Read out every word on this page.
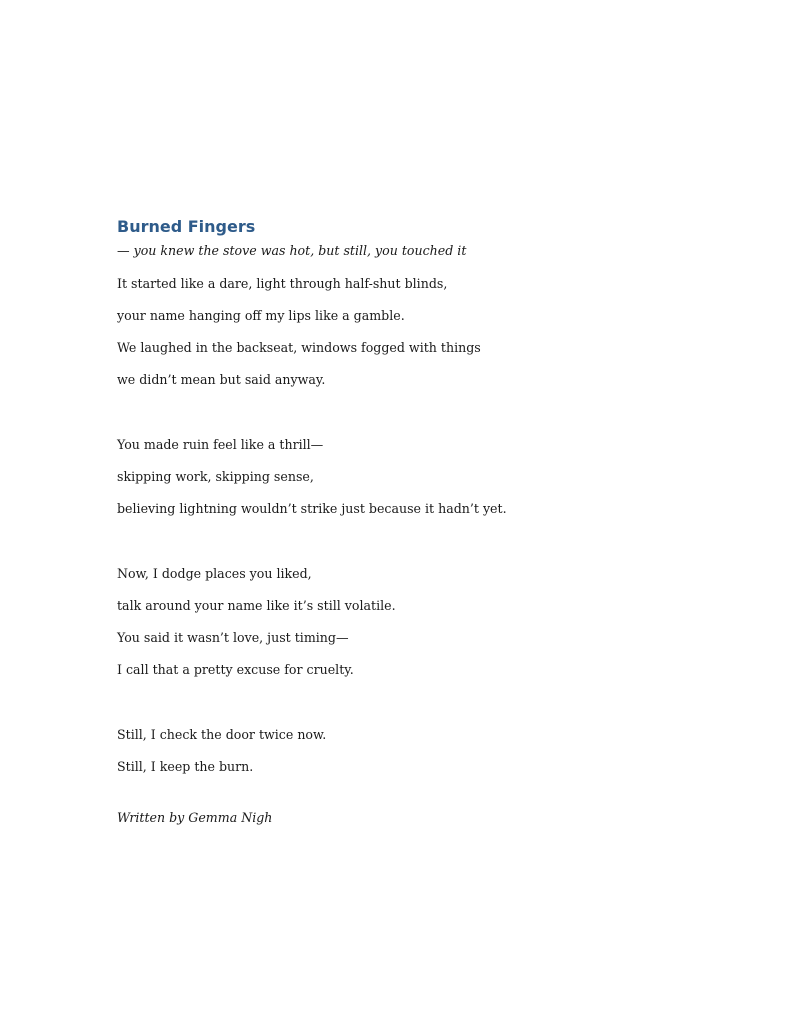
Burned Fingers

— you knew the stove was hot, but still, you touched it

It started like a dare, light through half-shut blinds,

your name hanging off my lips like a gamble.

We laughed in the backseat, windows fogged with things

we didn’t mean but said anyway.

You made ruin feel like a thrill—

skipping work, skipping sense,

believing lightning wouldn’t strike just because it hadn’t yet.

Now, I dodge places you liked,

talk around your name like it’s still volatile.

You said it wasn’t love, just timing—

I call that a pretty excuse for cruelty.

Still, I check the door twice now.

Still, I keep the burn.

Written by Gemma Nigh
